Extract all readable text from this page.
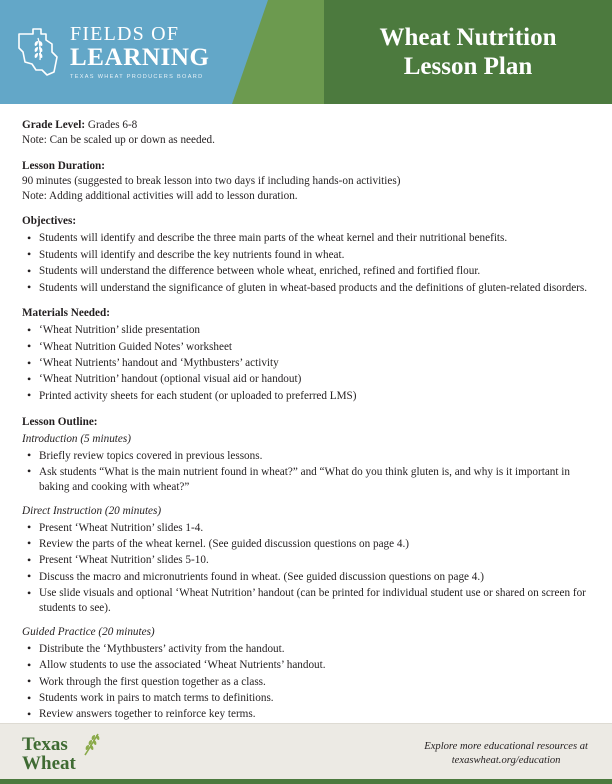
FIELDS OF
LEARNING
TEXAS WHEAT PRODUCERS BOARD
Wheat Nutrition
Lesson Plan

Grade Level: Grades 6-8

Note: Can be scaled up or down as needed.

Lesson Duration:

90 minutes (suggested to break lesson into two days if including hands-on activities)

Note: Adding additional activities will add to lesson duration.

Objectives:

• Students will identify and describe the three main parts of the wheat kernel and their nutritional benefits.
• Students will identify and describe the key nutrients found in wheat.
• Students will understand the difference between whole wheat, enriched, refined and fortified flour.
• Students will understand the significance of gluten in wheat-based products and the definitions of gluten-related disorders.

Materials Needed:

• ‘Wheat Nutrition’ slide presentation
• ‘Wheat Nutrition Guided Notes’ worksheet
• ‘Wheat Nutrients’ handout and ‘Mythbusters’ activity
• ‘Wheat Nutrition’ handout (optional visual aid or handout)
• Printed activity sheets for each student (or uploaded to preferred LMS)

Lesson Outline:

Introduction (5 minutes)

• Briefly review topics covered in previous lessons.
• Ask students “What is the main nutrient found in wheat?” and “What do you think gluten is, and why is it important in baking and cooking with wheat?”

Direct Instruction (20 minutes)

• Present ‘Wheat Nutrition’ slides 1-4.
• Review the parts of the wheat kernel. (See guided discussion questions on page 4.)
• Present ‘Wheat Nutrition’ slides 5-10.
• Discuss the macro and micronutrients found in wheat. (See guided discussion questions on page 4.)
• Use slide visuals and optional ‘Wheat Nutrition’ handout (can be printed for individual student use or shared on screen for students to see).

Guided Practice (20 minutes)

• Distribute the ‘Mythbusters’ activity from the handout.
• Allow students to use the associated ‘Wheat Nutrients’ handout.
• Work through the first question together as a class.
• Students work in pairs to match terms to definitions.
• Review answers together to reinforce key terms.
Texas
Wheat
Explore more educational resources at
texaswheat.org/education
